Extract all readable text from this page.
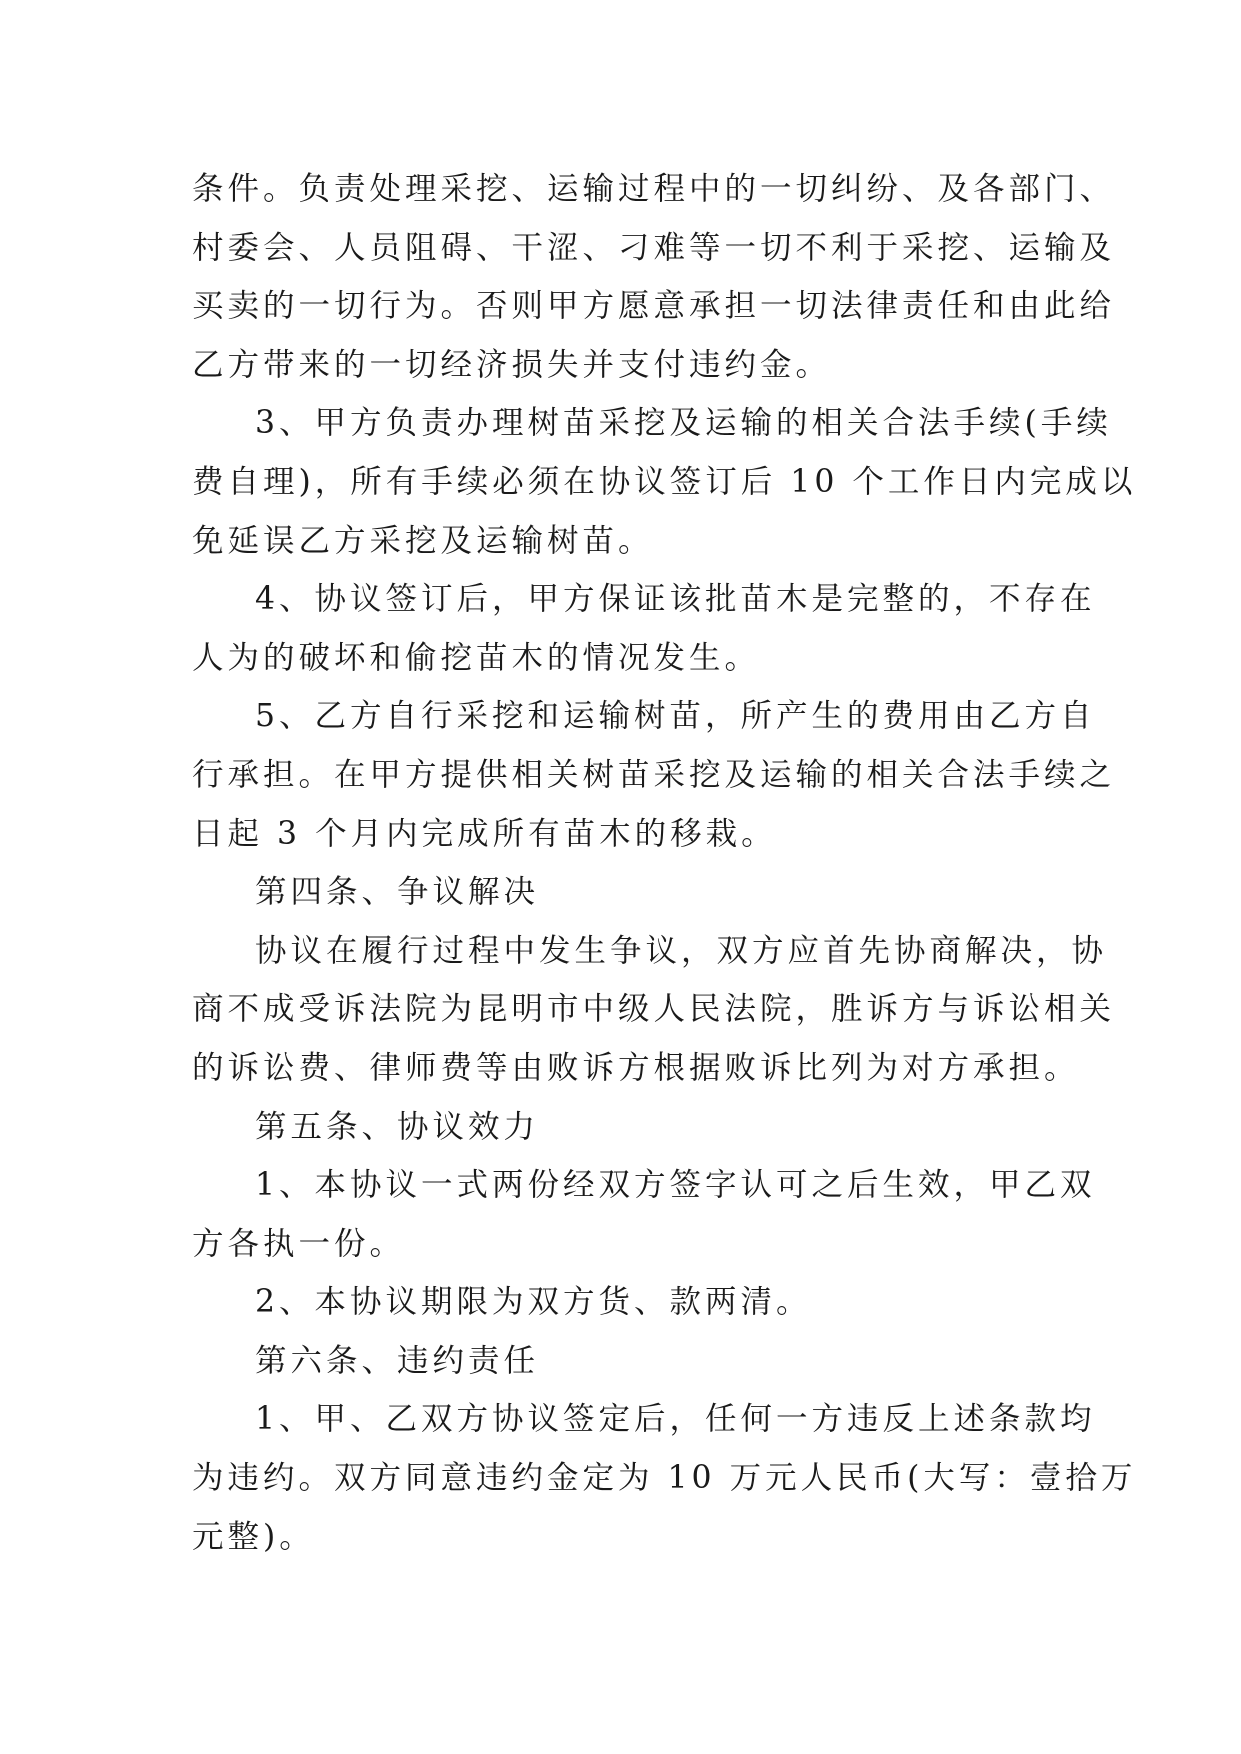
条件。负责处理采挖、运输过程中的一切纠纷、及各部门、
村委会、人员阻碍、干涩、刁难等一切不利于采挖、运输及
买卖的一切行为。否则甲方愿意承担一切法律责任和由此给
乙方带来的一切经济损失并支付违约金。
3、甲方负责办理树苗采挖及运输的相关合法手续(手续
费自理)，所有手续必须在协议签订后 10 个工作日内完成以
免延误乙方采挖及运输树苗。
4、协议签订后，甲方保证该批苗木是完整的，不存在
人为的破坏和偷挖苗木的情况发生。
5、乙方自行采挖和运输树苗，所产生的费用由乙方自
行承担。在甲方提供相关树苗采挖及运输的相关合法手续之
日起 3 个月内完成所有苗木的移栽。
第四条、争议解决
协议在履行过程中发生争议，双方应首先协商解决，协
商不成受诉法院为昆明市中级人民法院，胜诉方与诉讼相关
的诉讼费、律师费等由败诉方根据败诉比列为对方承担。
第五条、协议效力
1、本协议一式两份经双方签字认可之后生效，甲乙双
方各执一份。
2、本协议期限为双方货、款两清。
第六条、违约责任
1、甲、乙双方协议签定后，任何一方违反上述条款均
为违约。双方同意违约金定为 10 万元人民币(大写：壹拾万
元整)。
